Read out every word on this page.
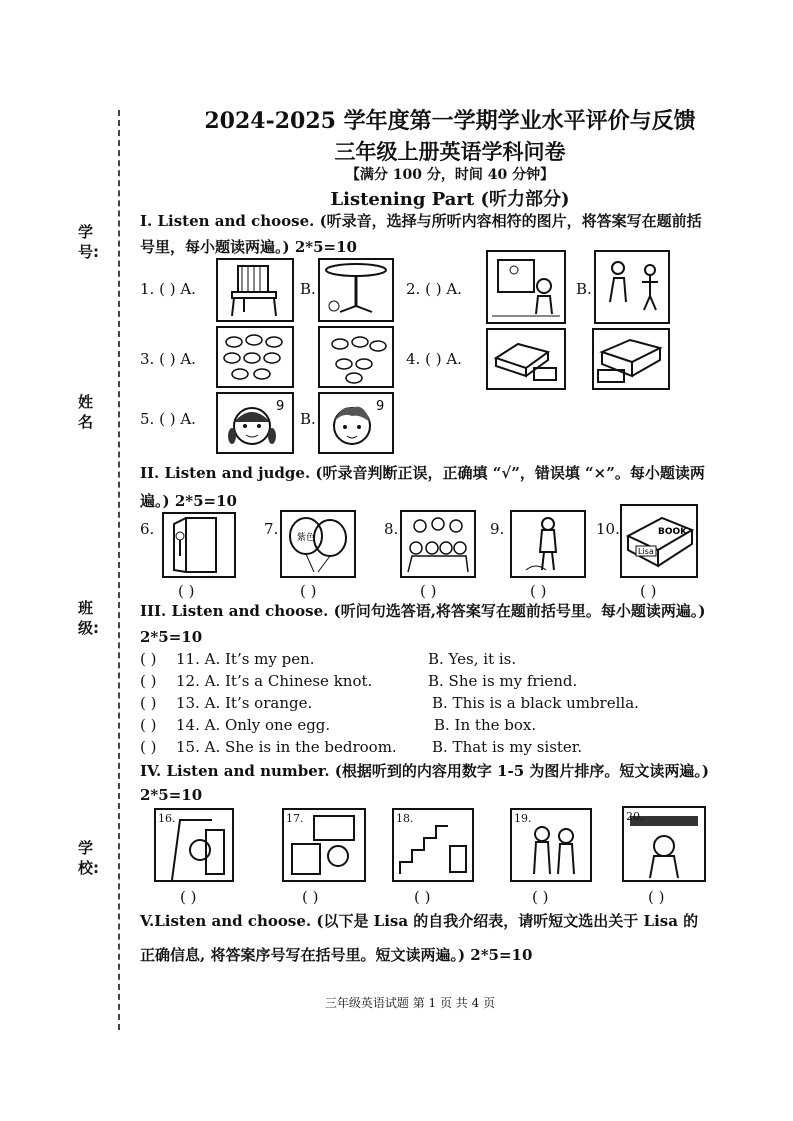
学号:
姓名
班级:
学校:
2024-2025 学年度第一学期学业水平评价与反馈
三年级上册英语学科问卷
【满分 100 分，时间 40 分钟】
Listening Part (听力部分)
I. Listen and choose. (听录音，选择与所听内容相符的图片，将答案写在题前括
号里，每小题读两遍。) 2*5=10
1. ( ) A.	B.	2. ( ) A.	B.
3. ( ) A.	4. ( ) A.
5. ( ) A.
9
B.
9
II. Listen and judge. (听录音判断正误，正确填 “√”，错误填 “×”。每小题读两
遍。) 2*5=10
6.
( )
7. 紫色
( )
8.
( )
9.
( )
10.	BOOK
Lisa
( )
III. Listen and choose. (听问句选答语,将答案写在题前括号里。每小题读两遍。)
2*5=10
( ) 11. A. It’s my pen.	B. Yes, it is.
( ) 12. A. It’s a Chinese knot.	B. She is my friend.
( ) 13. A. It’s orange.	B. This is a black umbrella.
( ) 14. A. Only one egg.	B. In the box.
( ) 15. A. She is in the bedroom. B. That is my sister.
IV. Listen and number. (根据听到的内容用数字 1-5 为图片排序。短文读两遍。)
2*5=10
16.
( )
17.
( )
18.
( )
19.
( )
20.
( )
V.Listen and choose. (以下是 Lisa 的自我介绍表，请听短文选出关于 Lisa 的
正确信息, 将答案序号写在括号里。短文读两遍。) 2*5=10
三年级英语试题 第 1 页 共 4 页
